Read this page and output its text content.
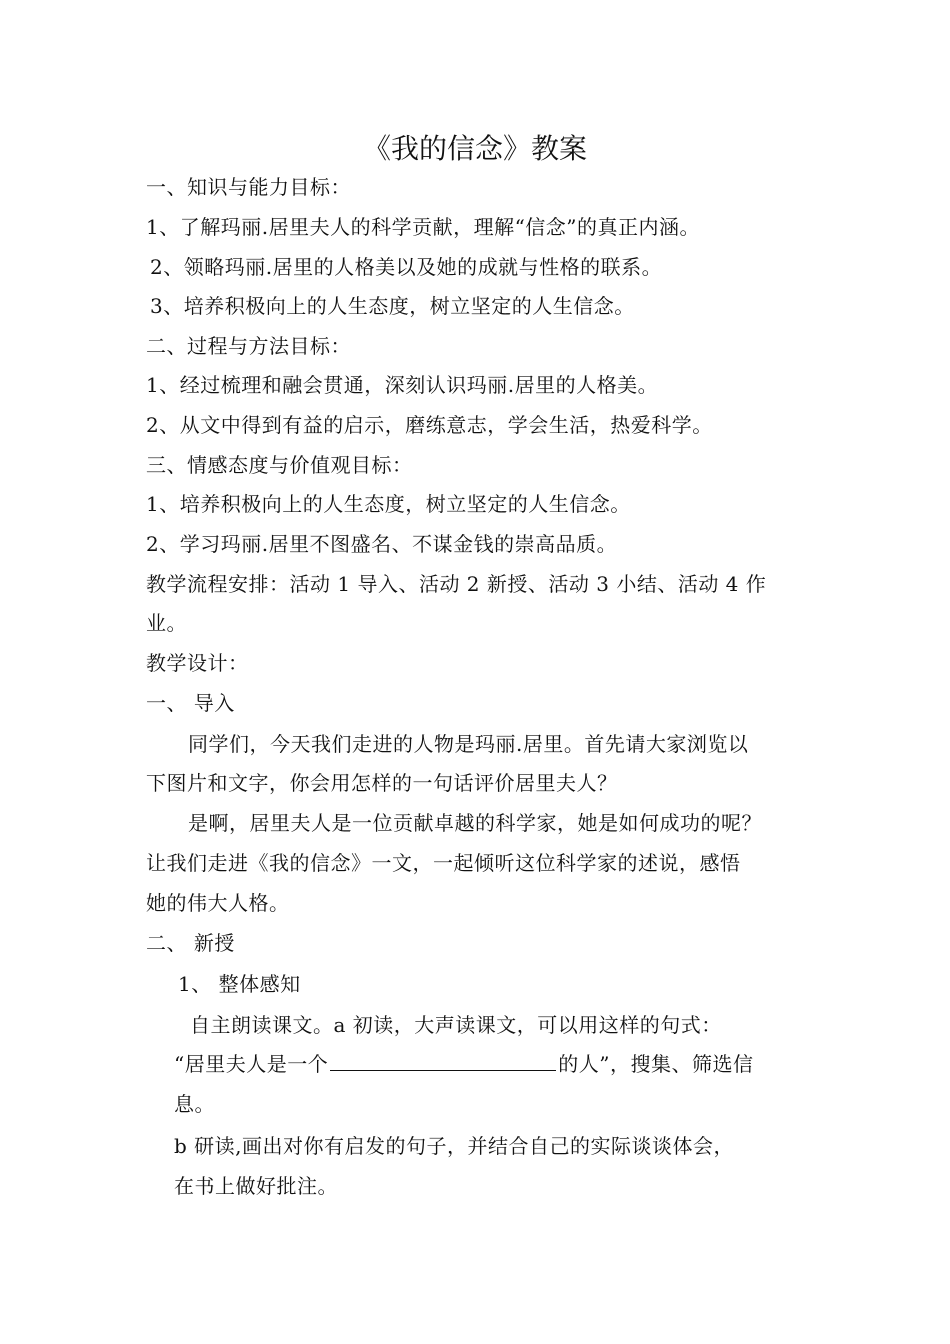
《我的信念》教案
一、知识与能力目标：
1、了解玛丽.居里夫人的科学贡献，理解“信念”的真正内涵。
2、领略玛丽.居里的人格美以及她的成就与性格的联系。
3、培养积极向上的人生态度，树立坚定的人生信念。
二、过程与方法目标：
1、经过梳理和融会贯通，深刻认识玛丽.居里的人格美。
2、从文中得到有益的启示，磨练意志，学会生活，热爱科学。
三、情感态度与价值观目标：
1、培养积极向上的人生态度，树立坚定的人生信念。
2、学习玛丽.居里不图盛名、不谋金钱的崇高品质。
教学流程安排：活动 1 导入、活动 2 新授、活动 3 小结、活动 4 作
业。
教学设计：
一、 导入
同学们，今天我们走进的人物是玛丽.居里。首先请大家浏览以
下图片和文字，你会用怎样的一句话评价居里夫人？
是啊，居里夫人是一位贡献卓越的科学家，她是如何成功的呢？
让我们走进《我的信念》一文，一起倾听这位科学家的述说，感悟
她的伟大人格。
二、 新授
1、 整体感知
自主朗读课文。a 初读，大声读课文，可以用这样的句式：
“居里夫人是一个	的人”，搜集、筛选信
息。
b 研读,画出对你有启发的句子，并结合自己的实际谈谈体会，
在书上做好批注。
